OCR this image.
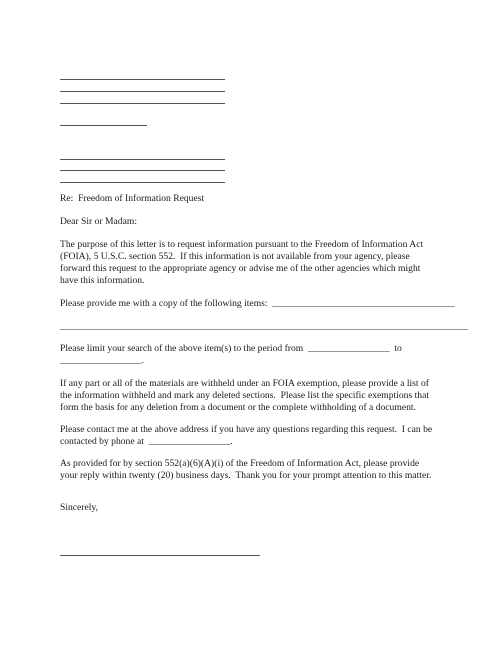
Re:  Freedom of Information Request

Dear Sir or Madam:

The purpose of this letter is to request information pursuant to the Freedom of Information Act

(FOIA), 5 U.S.C. section 552.  If this information is not available from your agency, please

forward this request to the appropriate agency or advise me of the other agencies which might

have this information.

Please provide me with a copy of the following items:  ______________________________________

_____________________________________________________________________________________

Please limit your search of the above item(s) to the period from  _________________  to

_________________.

If any part or all of the materials are withheld under an FOIA exemption, please provide a list of

the information withheld and mark any deleted sections.  Please list the specific exemptions that

form the basis for any deletion from a document or the complete withholding of a document.

Please contact me at the above address if you have any questions regarding this request.  I can be

contacted by phone at  _________________.

As provided for by section 552(a)(6)(A)(i) of the Freedom of Information Act, please provide

your reply within twenty (20) business days.  Thank you for your prompt attention to this matter.

Sincerely,
